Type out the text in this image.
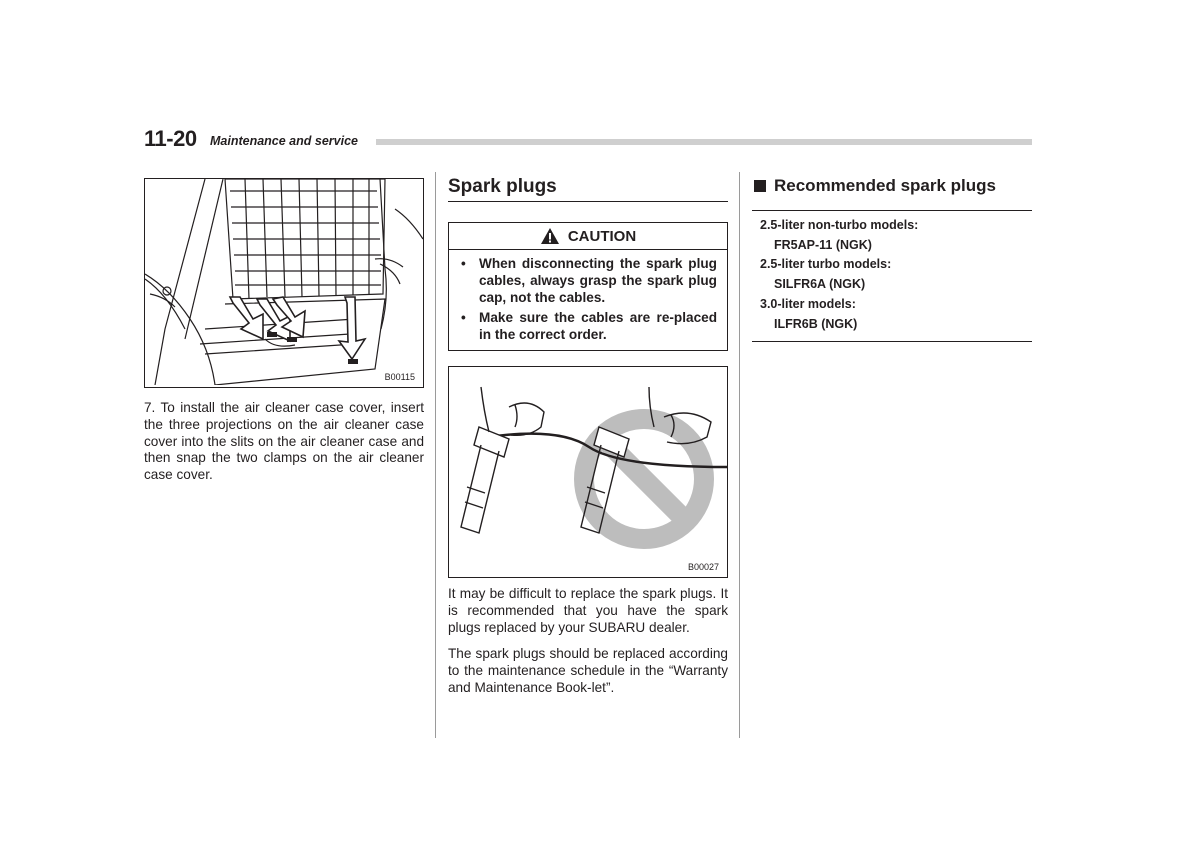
11-20 Maintenance and service
B00115

7. To install the air cleaner case cover, insert the three projections on the air cleaner case cover into the slits on the air cleaner case and then snap the two clamps on the air cleaner case cover.

Spark plugs
CAUTION
• When disconnecting the spark plug cables, always grasp the spark plug cap, not the cables.
• Make sure the cables are re-placed in the correct order.
B00027

It may be difficult to replace the spark plugs. It is recommended that you have the spark plugs replaced by your SUBARU dealer.

The spark plugs should be replaced according to the maintenance schedule in the “Warranty and Maintenance Book-let”.

Recommended spark plugs
2.5-liter non-turbo models:
FR5AP-11 (NGK)
2.5-liter turbo models:
SILFR6A (NGK)
3.0-liter models:
ILFR6B (NGK)
